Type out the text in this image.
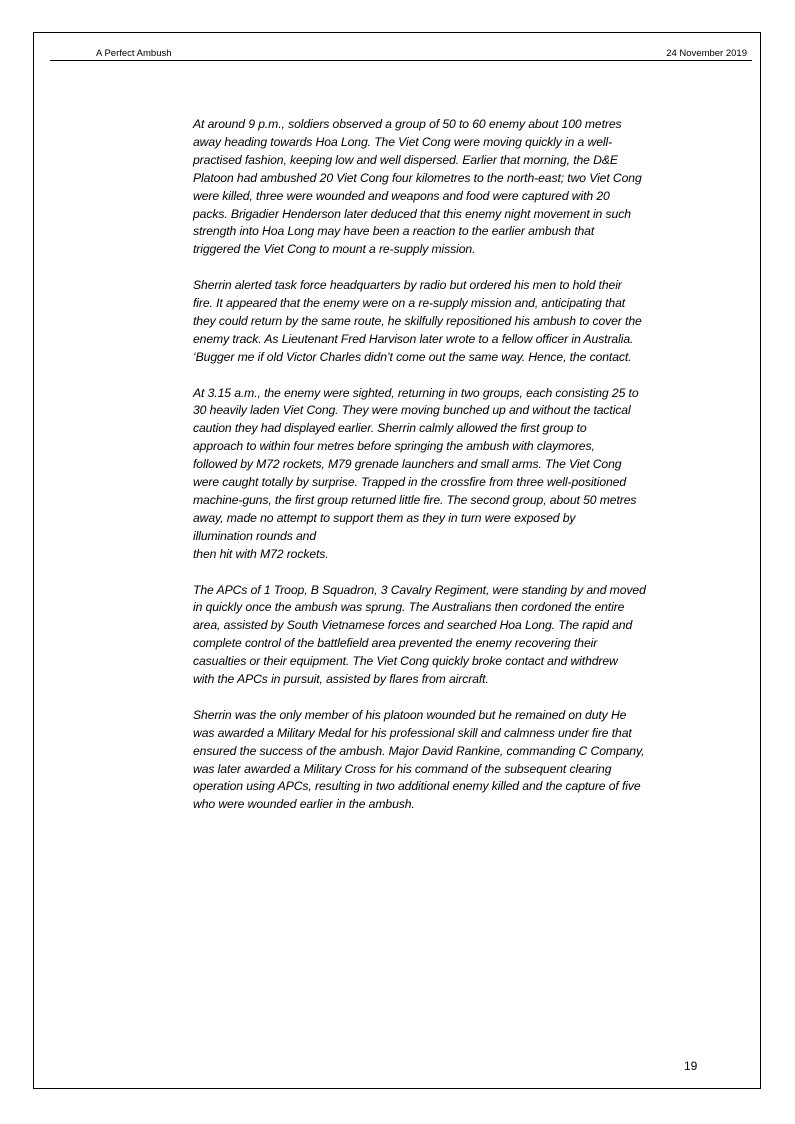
A Perfect Ambush	24 November 2019

At around 9 p.m., soldiers observed a group of 50 to 60 enemy about 100 metres
away heading towards Hoa Long. The Viet Cong were moving quickly in a well-
practised fashion, keeping low and well dispersed. Earlier that morning, the D&E
Platoon had ambushed 20 Viet Cong four kilometres to the north-east; two Viet Cong
were killed, three were wounded and weapons and food were captured with 20
packs. Brigadier Henderson later deduced that this enemy night movement in such
strength into Hoa Long may have been a reaction to the earlier ambush that
triggered the Viet Cong to mount a re-supply mission.

Sherrin alerted task force headquarters by radio but ordered his men to hold their
fire. It appeared that the enemy were on a re-supply mission and, anticipating that
they could return by the same route, he skilfully repositioned his ambush to cover the
enemy track. As Lieutenant Fred Harvison later wrote to a fellow officer in Australia.
‘Bugger me if old Victor Charles didn’t come out the same way. Hence, the contact.

At 3.15 a.m., the enemy were sighted, returning in two groups, each consisting 25 to
30 heavily laden Viet Cong. They were moving bunched up and without the tactical
caution they had displayed earlier. Sherrin calmly allowed the first group to
approach to within four metres before springing the ambush with claymores,
followed by M72 rockets, M79 grenade launchers and small arms. The Viet Cong
were caught totally by surprise. Trapped in the crossfire from three well-positioned
machine-guns, the first group returned little fire. The second group, about 50 metres
away, made no attempt to support them as they in turn were exposed by
illumination rounds and
then hit with M72 rockets.

The APCs of 1 Troop, B Squadron, 3 Cavalry Regiment, were standing by and moved
in quickly once the ambush was sprung. The Australians then cordoned the entire
area, assisted by South Vietnamese forces and searched Hoa Long. The rapid and
complete control of the battlefield area prevented the enemy recovering their
casualties or their equipment. The Viet Cong quickly broke contact and withdrew
with the APCs in pursuit, assisted by flares from aircraft.

Sherrin was the only member of his platoon wounded but he remained on duty He
was awarded a Military Medal for his professional skill and calmness under fire that
ensured the success of the ambush. Major David Rankine, commanding C Company,
was later awarded a Military Cross for his command of the subsequent clearing
operation using APCs, resulting in two additional enemy killed and the capture of five
who were wounded earlier in the ambush.

19
